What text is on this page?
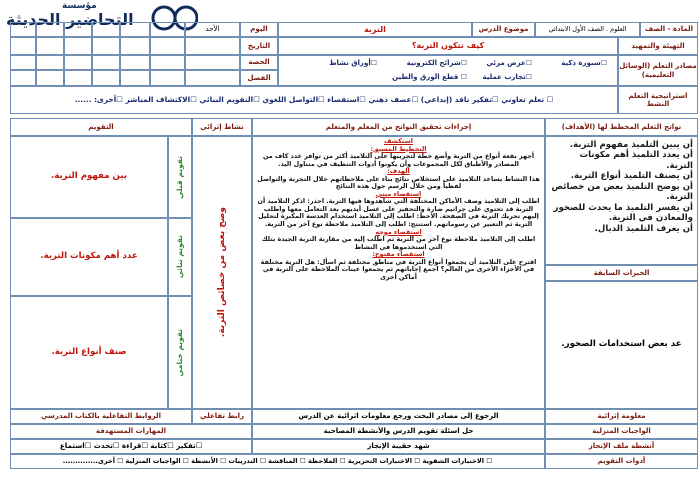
مؤسسة
التحاضير الحديثة
المادة - الصف
العلوم . الصف الأول الابتدائي
موضوع الدرس
التربة
اليوم
الأحد
التهيئة والتمهيد
كيف تتكون التربة؟
التاريخ
مصادر التعلم (الوسائل التعليمية)
☐سبورة ذكية
☐عرض مرئي
☐شرائح الكترونية
☐أوراق نشاط
☐تجارب عملية
☐ قطع الورق والطين
الحصة
الفصل
استراتيجية التعلم النشط
☐ تعلم تعاوني ☐تفكير ناقد (إبداعي) ☐عصف ذهني ☐استقصاء ☐التواصل اللغوي ☐التقويم البنائي ☐الاكتشاف المباشر ☐أخرى: ......
نواتج التعلم المخطط لها (الأهداف)
إجراءات تحقيق النواتج من المعلم والمتعلم
نشاط إثرائي
التقويم

أن يبين التلميذ مفهوم التربة.

أن يعدد التلميذ أهم مكونات التربة.

أن يصنف التلميذ أنواع التربة.

أن يوضح التلميذ بعض من خصائص التربة.

أن يفسر التلميذ ما يحدث للصخور والمعادن في التربة.

أن يعرف التلميذ الدبال.

الخبرات السابقة
عد بعض استخدامات الصخور.
استكشف
التخطيط المسبق:

أجهز بقعة أنواع من التربة وأضع خطة لتجريبها على التلاميذ أكثر من توافر عدد كاف من المصادر والأطباق لكل المجموعات وأن يكونوا أدوات التنظيف في متناول اليد.

الهدف:

هذا النشاط يساعد التلاميذ على استخلاص نتائج بناء على ملاحظاتهم خلال التجربة والتواصل لفظياً ومن خلال الرسم حول هذه النتائج

استقصاء مبني

اطلب إلى التلاميذ وصف الأماكن المختلفة التي شاهدوها فيها التربة. احذر: اذكر التلاميذ أن التربة قد تحتوي على جراثيم ضارة والتحفيز على غسل أيديهم بعد التعامل معها واطلب إليهم تحريك التربة في الصفحة. الاحظ: اطلب إلى التلاميذ استخدام العدسة المكبرة لتحليل التربة ثم التعبير عن رسوماتهم. استنتج: اطلب إلى التلاميذ ملاحظة نوع آخر من التربة.

استقصاء موجه

اطلب إلى التلاميذ ملاحظة نوع آخر من التربة ثم اطلب إليه من مقارنة التربة الجيدة بتلك التي استخدموها في النشاط

استقصاء مفتوح:

اقترح على التلاميذ أن يجمعوا أنواع التربة في مناطق مختلفة ثم اسأل: هل التربة مختلفة في الأجزاء الأخرى من العالم؟ اجمع إجاباتهم ثم يجمعوا عينات الملاحظة على التربة في أماكن أخرى

وضح بعض من خصائص التربة.
تقويم قبلي
بين مفهوم التربة.
تقويم بنائي
عدد أهم مكونات التربة.
تقويم ختامي
صنف أنواع التربة.
معلومة إثرائية
الرجوع إلى مصادر البحث ورجع معلومات اثرائية عن الدرس
رابط تفاعلي
الروابط التفاعلية بالكتاب المدرسي
الواجبات المنزلية
حل اسئلة تقويم الدرس والأنشطة المصاحبة
المهارات المستهدفة
أنشطة ملف الإنجاز
شهد حقيبة الإنجاز
☐تفكير ☐كتابة ☐قراءة ☐تحدث ☐استماع
أدوات التقويم
☐ الاختبارات الشفوية ☐ الاختبارات التحريرية ☐ الملاحظة ☐ المناقشة ☐ التدريبات ☐ الأنشطة ☐ الواجبات المنزلية ☐ أخرى..............
